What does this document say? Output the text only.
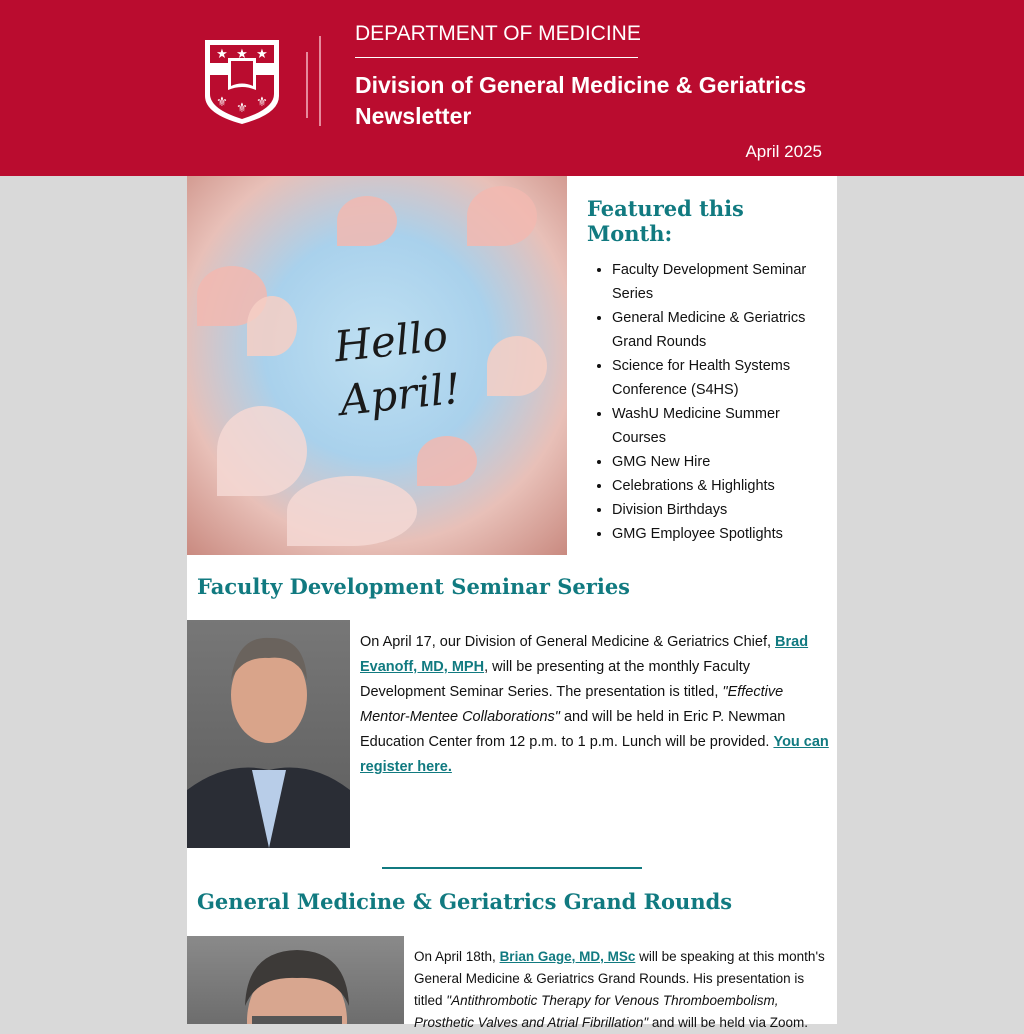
★ ★ ★
⚜ ⚜ ⚜
DEPARTMENT OF MEDICINE
Division of General Medicine & Geriatrics
Newsletter
April 2025
Hello
April!
Featured this Month:
• Faculty Development Seminar Series
• General Medicine & Geriatrics Grand Rounds
• Science for Health Systems Conference (S4HS)
• WashU Medicine Summer Courses
• GMG New Hire
• Celebrations & Highlights
• Division Birthdays
• GMG Employee Spotlights
Faculty Development Seminar Series
On April 17, our Division of General Medicine & Geriatrics Chief, Brad Evanoff, MD, MPH, will be presenting at the monthly Faculty Development Seminar Series. The presentation is titled, "Effective Mentor-Mentee Collaborations" and will be held in Eric P. Newman Education Center from 12 p.m. to 1 p.m. Lunch will be provided. You can register here.
General Medicine & Geriatrics Grand Rounds
On April 18th, Brian Gage, MD, MSc will be speaking at this month's General Medicine & Geriatrics Grand Rounds. His presentation is titled "Antithrombotic Therapy for Venous Thromboembolism, Prosthetic Valves and Atrial Fibrillation" and will be held via Zoom.
